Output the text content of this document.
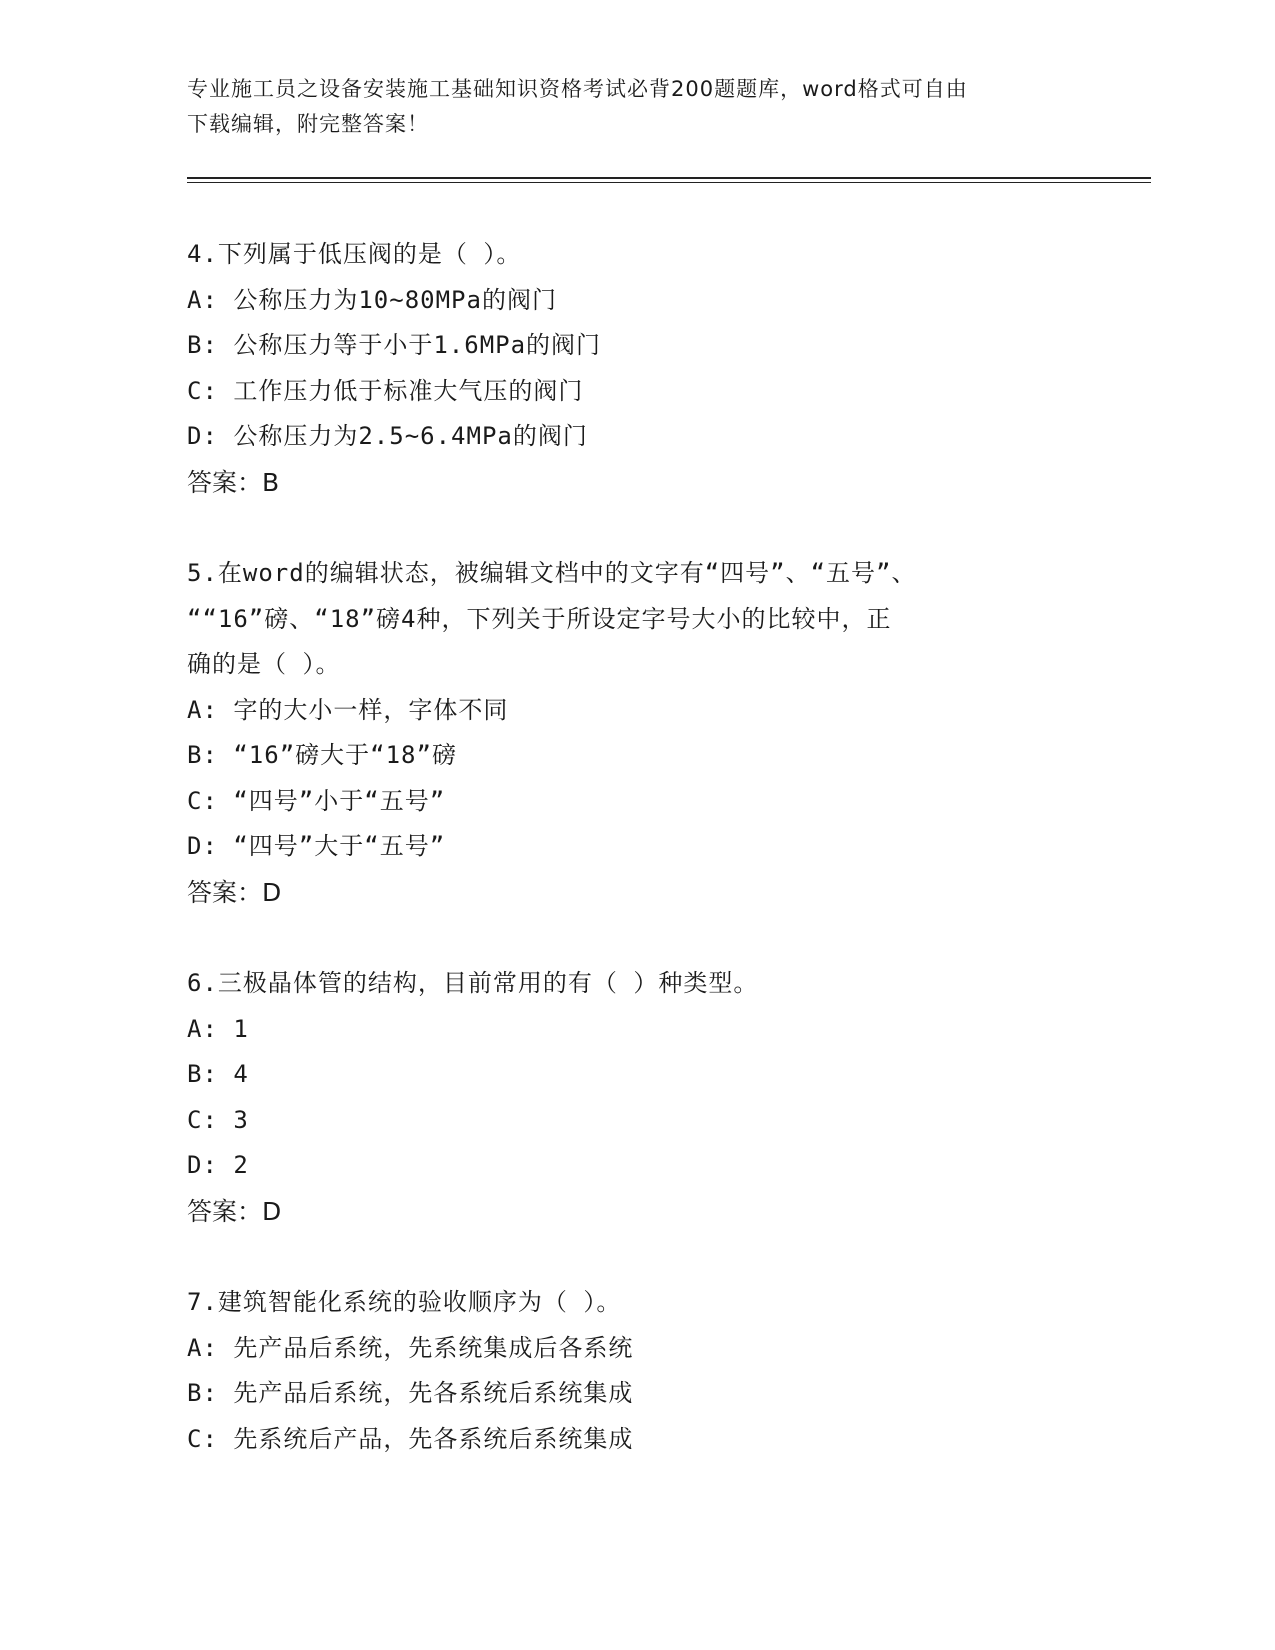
专业施工员之设备安装施工基础知识资格考试必背200题题库，word格式可自由
下载编辑，附完整答案！

4.下列属于低压阀的是（ ）。

A: 公称压力为10~80MPa的阀门

B: 公称压力等于小于1.6MPa的阀门

C: 工作压力低于标准大气压的阀门

D: 公称压力为2.5~6.4MPa的阀门

答案：B

5.在word的编辑状态，被编辑文档中的文字有“四号”、“五号”、

““16”磅、“18”磅4种，下列关于所设定字号大小的比较中，正

确的是（ ）。

A: 字的大小一样，字体不同

B: “16”磅大于“18”磅

C: “四号”小于“五号”

D: “四号”大于“五号”

答案：D

6.三极晶体管的结构，目前常用的有（ ）种类型。

A: 1

B: 4

C: 3

D: 2

答案：D

7.建筑智能化系统的验收顺序为（ ）。

A: 先产品后系统，先系统集成后各系统

B: 先产品后系统，先各系统后系统集成

C: 先系统后产品，先各系统后系统集成
